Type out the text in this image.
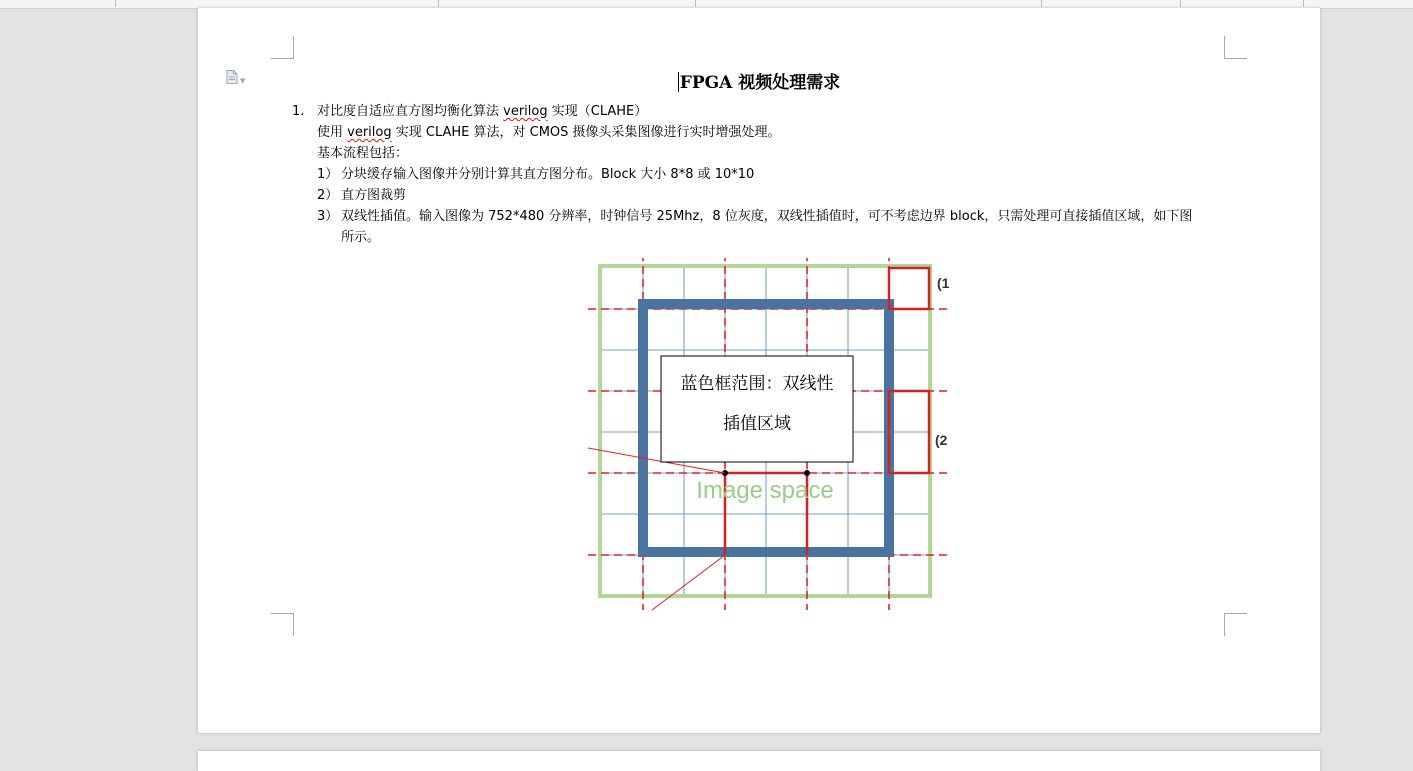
▼	FPGA 视频处理需求
1. 对比度自适应直方图均衡化算法 verilog 实现（CLAHE）
使用 verilog 实现 CLAHE 算法，对 CMOS 摄像头采集图像进行实时增强处理。
基本流程包括：
1） 分块缓存输入图像并分别计算其直方图分布。Block 大小 8*8 或 10*10
2） 直方图裁剪
3） 双线性插值。输入图像为 752*480 分辨率，时钟信号 25Mhz，8 位灰度，双线性插值时，可不考虑边界 block，只需处理可直接插值区域，如下图
所示。
蓝色框范围：双线性
插值区域
Image space
(1
(2
